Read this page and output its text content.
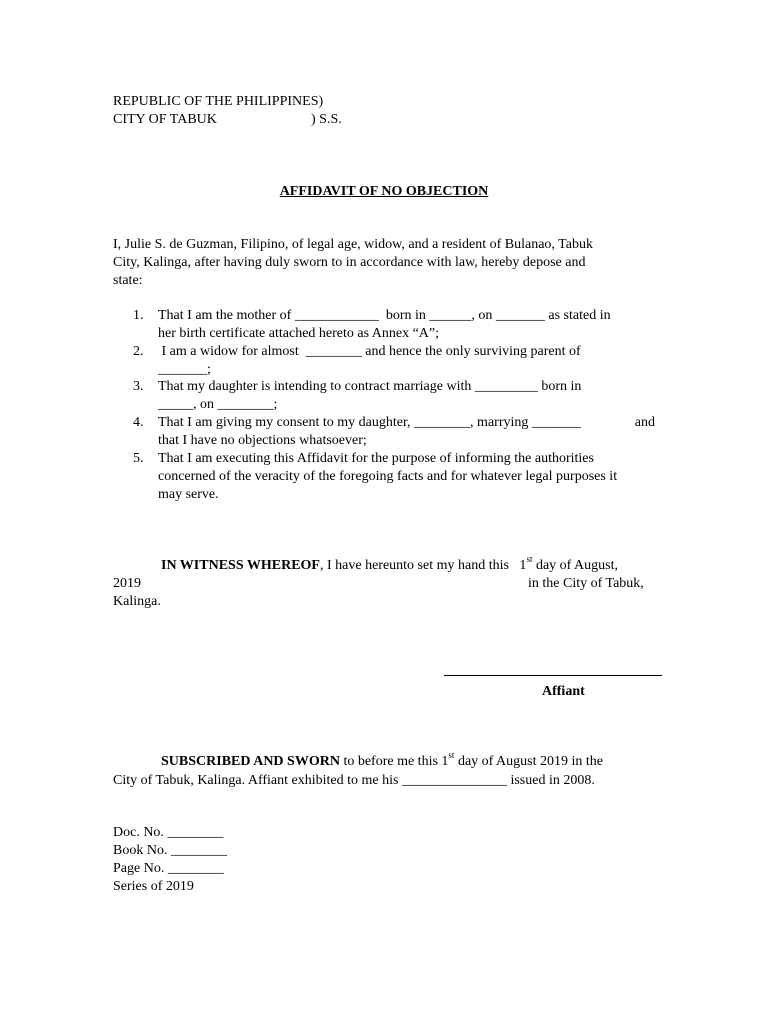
REPUBLIC OF THE PHILIPPINES)
CITY OF TABUK	) S.S.
AFFIDAVIT OF NO OBJECTION
I, Julie S. de Guzman, Filipino, of legal age, widow, and a resident of Bulanao, Tabuk
City, Kalinga, after having duly sworn to in accordance with law, hereby depose and
state:
1. That I am the mother of ____________ born in ______, on _______ as stated in
her birth certificate attached hereto as Annex “A”;
2. I am a widow for almost  ________ and hence the only surviving parent of
_______;
3. That my daughter is intending to contract marriage with _________ born in
_____, on ________;
4. That I am giving my consent to my daughter, ________, marrying _______	and
that I have no objections whatsoever;
5. That I am executing this Affidavit for the purpose of informing the authorities
concerned of the veracity of the foregoing facts and for whatever legal purposes it
may serve.
IN WITNESS WHEREOF, I have hereunto set my hand this   1st day of August,
2019	in the City of Tabuk,
Kalinga.
Affiant
SUBSCRIBED AND SWORN to before me this 1st day of August 2019 in the
City of Tabuk, Kalinga. Affiant exhibited to me his _______________ issued in 2008.
Doc. No. ________
Book No. ________
Page No. ________
Series of 2019
